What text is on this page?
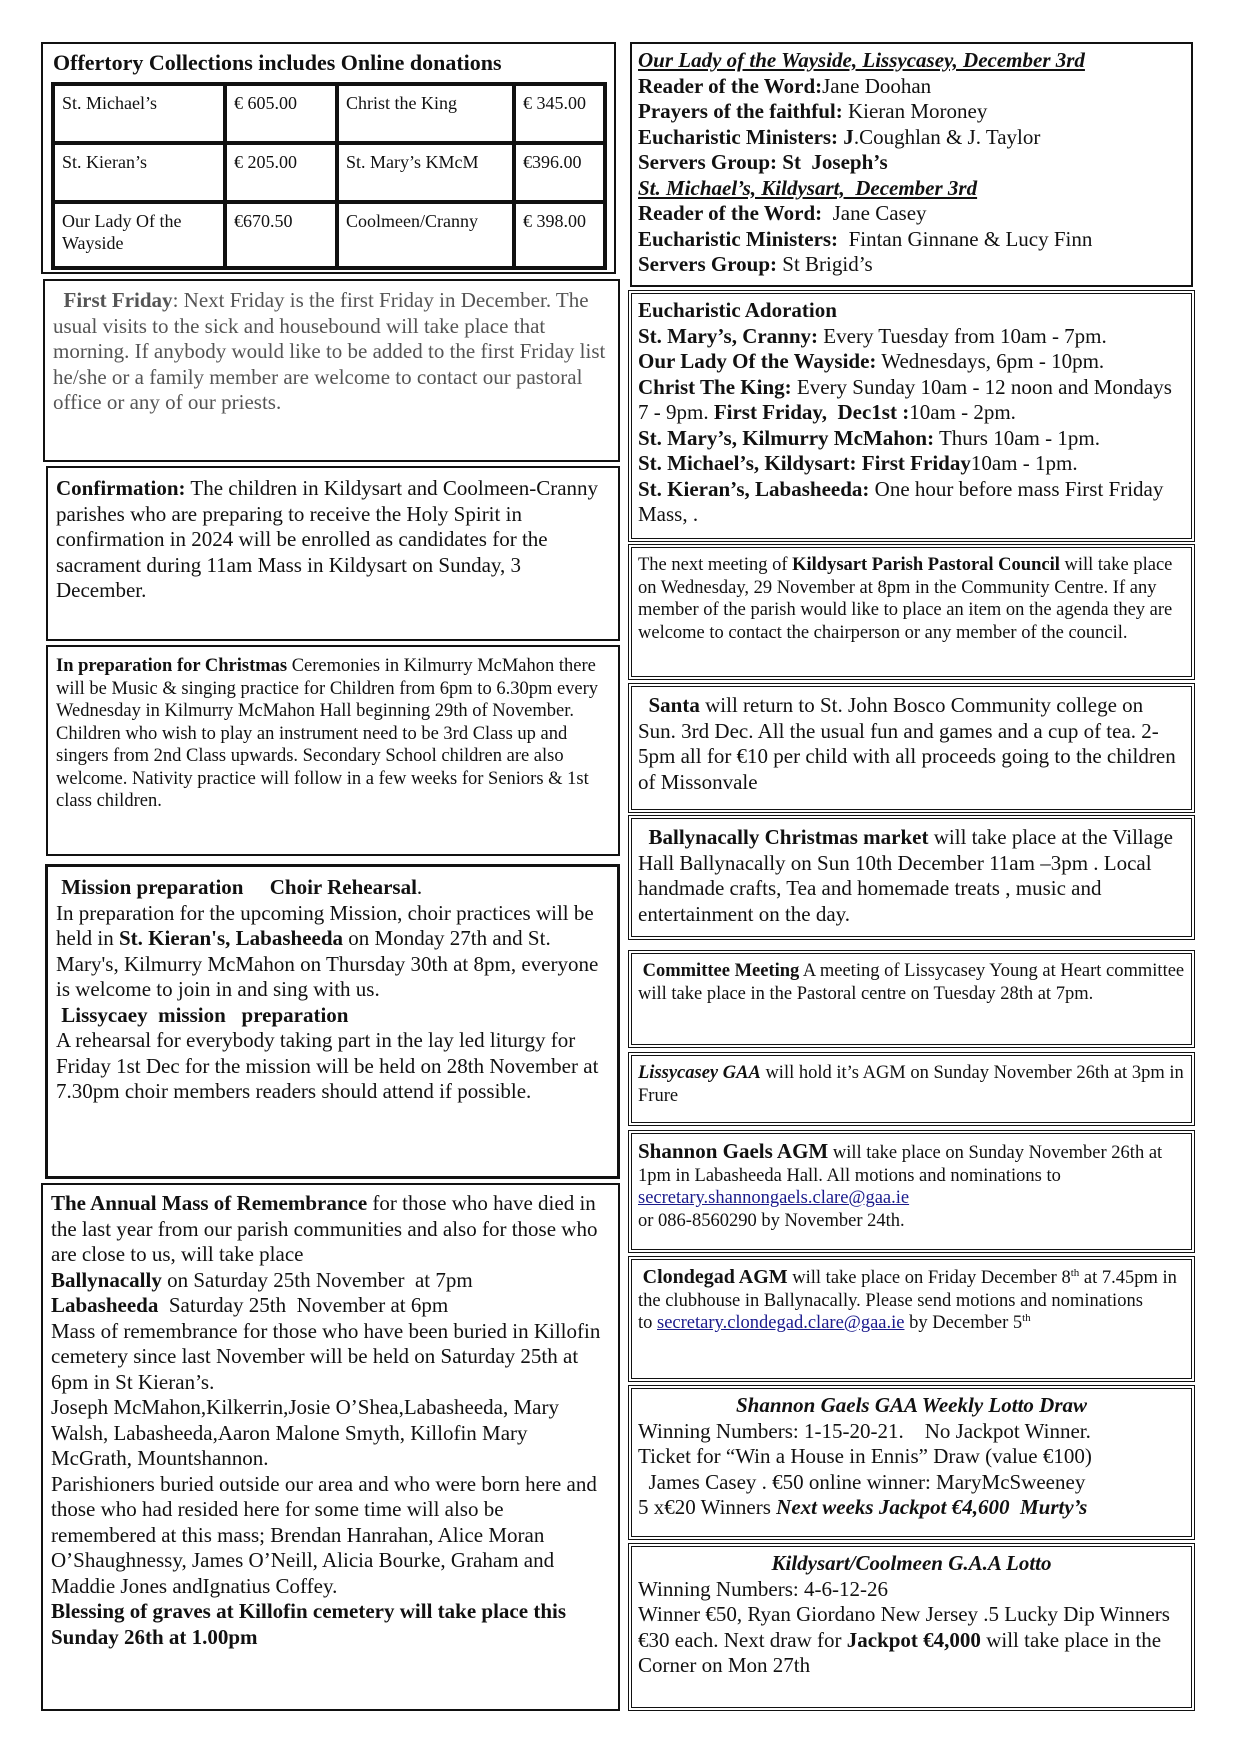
Offertory Collections includes Online donations
St. Michael’s	€ 605.00	Christ the King	€ 345.00
St. Kieran’s	€ 205.00	St. Mary’s KMcM	€396.00
Our Lady Of the Wayside	€670.50	Coolmeen/Cranny	€ 398.00

First Friday: Next Friday is the first Friday in December. The usual visits to the sick and housebound will take place that morning. If anybody would like to be added to the first Friday list he/she or a family member are welcome to contact our pastoral office or any of our priests.

Confirmation: The children in Kildysart and Coolmeen-Cranny parishes who are preparing to receive the Holy Spirit in confirmation in 2024 will be enrolled as candidates for the sacrament during 11am Mass in Kildysart on Sunday, 3 December.

In preparation for Christmas Ceremonies in Kilmurry McMahon there will be Music & singing practice for Children from 6pm to 6.30pm every Wednesday in Kilmurry McMahon Hall beginning 29th of November. Children who wish to play an instrument need to be 3rd Class up and singers from 2nd Class upwards. Secondary School children are also welcome. Nativity practice will follow in a few weeks for Seniors & 1st class children.

Mission preparation Choir Rehearsal.

In preparation for the upcoming Mission, choir practices will be held in St. Kieran's, Labasheeda on Monday 27th and St. Mary's, Kilmurry McMahon on Thursday 30th at 8pm, everyone is welcome to join in and sing with us.

Lissycaey  mission   preparation

A rehearsal for everybody taking part in the lay led liturgy for Friday 1st Dec for the mission will be held on 28th November at 7.30pm choir members readers should attend if possible.

The Annual Mass of Remembrance for those who have died in the last year from our parish communities and also for those who are close to us, will take place

Ballynacally on Saturday 25th November  at 7pm

Labasheeda  Saturday 25th  November at 6pm

Mass of remembrance for those who have been buried in Killofin cemetery since last November will be held on Saturday 25th at 6pm in St Kieran’s.

Joseph McMahon,Kilkerrin,Josie O’Shea,Labasheeda, Mary Walsh, Labasheeda,Aaron Malone Smyth, Killofin Mary McGrath, Mountshannon.

Parishioners buried outside our area and who were born here and those who had resided here for some time will also be remembered at this mass; Brendan Hanrahan, Alice Moran O’Shaughnessy, James O’Neill, Alicia Bourke, Graham and Maddie Jones andIgnatius Coffey.

Blessing of graves at Killofin cemetery will take place this Sunday 26th at 1.00pm

Our Lady of the Wayside, Lissycasey, December 3rd

Reader of the Word:Jane Doohan

Prayers of the faithful: Kieran Moroney

Eucharistic Ministers: J.Coughlan & J. Taylor

Servers Group: St  Joseph’s

St. Michael’s, Kildysart,  December 3rd

Reader of the Word:  Jane Casey

Eucharistic Ministers:  Fintan Ginnane & Lucy Finn

Servers Group: St Brigid’s

Eucharistic Adoration

St. Mary’s, Cranny: Every Tuesday from 10am - 7pm.

Our Lady Of the Wayside: Wednesdays, 6pm - 10pm.

Christ The King: Every Sunday 10am - 12 noon and Mondays 7 - 9pm. First Friday,  Dec1st :10am - 2pm.

St. Mary’s, Kilmurry McMahon: Thurs 10am - 1pm.

St. Michael’s, Kildysart: First Friday10am - 1pm.

St. Kieran’s, Labasheeda: One hour before mass First Friday Mass, .

The next meeting of Kildysart Parish Pastoral Council will take place on Wednesday, 29 November at 8pm in the Community Centre. If any member of the parish would like to place an item on the agenda they are welcome to contact the chairperson or any member of the council.

Santa will return to St. John Bosco Community college on Sun. 3rd Dec. All the usual fun and games and a cup of tea. 2-5pm all for €10 per child with all proceeds going to the children of Missonvale

Ballynacally Christmas market will take place at the Village Hall Ballynacally on Sun 10th December 11am –3pm . Local handmade crafts, Tea and homemade treats , music and entertainment on the day.

Committee Meeting A meeting of Lissycasey Young at Heart committee will take place in the Pastoral centre on Tuesday 28th at 7pm.

Lissycasey GAA will hold it’s AGM on Sunday November 26th at 3pm in Frure

Shannon Gaels AGM will take place on Sunday November 26th at 1pm in Labasheeda Hall. All motions and nominations to secretary.shannongaels.clare@gaa.ie

or 086-8560290 by November 24th.

Clondegad AGM will take place on Friday December 8th at 7.45pm in the clubhouse in Ballynacally. Please send motions and nominations

to secretary.clondegad.clare@gaa.ie by December 5th

Shannon Gaels GAA Weekly Lotto Draw

Winning Numbers: 1-15-20-21.    No Jackpot Winner.

Ticket for “Win a House in Ennis” Draw (value €100)

James Casey . €50 online winner: MaryMcSweeney

5 x€20 Winners Next weeks Jackpot €4,600  Murty’s

Kildysart/Coolmeen G.A.A Lotto

Winning Numbers: 4-6-12-26

Winner €50, Ryan Giordano New Jersey .5 Lucky Dip Winners €30 each. Next draw for Jackpot €4,000 will take place in the Corner on Mon 27th
